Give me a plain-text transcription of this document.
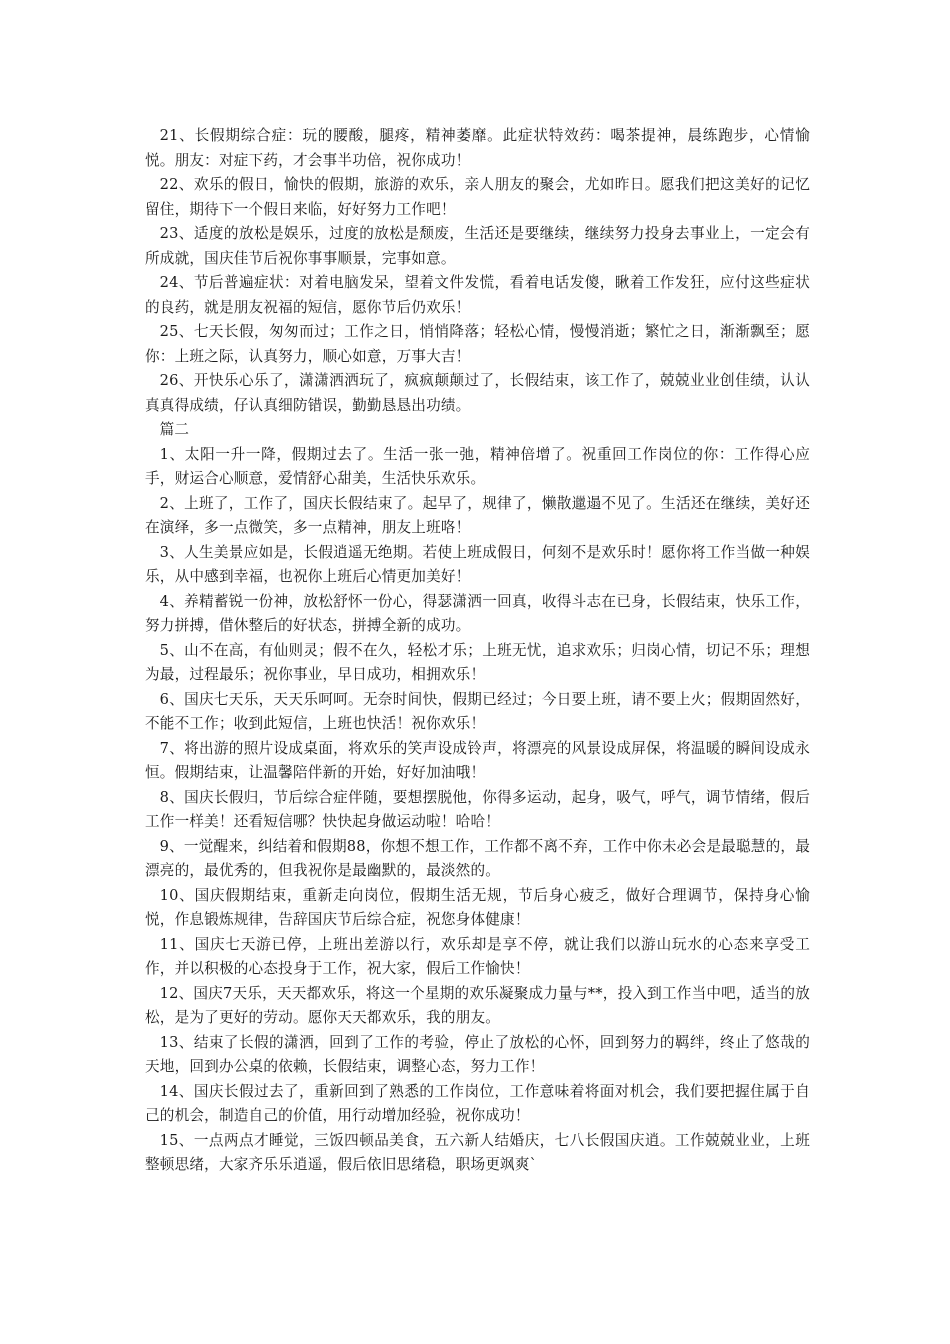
21、长假期综合症：玩的腰酸，腿疼，精神萎靡。此症状特效药：喝茶提神，晨练跑步，心情愉悦。朋友：对症下药，才会事半功倍，祝你成功！

22、欢乐的假日，愉快的假期，旅游的欢乐，亲人朋友的聚会，尤如昨日。愿我们把这美好的记忆留住，期待下一个假日来临，好好努力工作吧！

23、适度的放松是娱乐，过度的放松是颓废，生活还是要继续，继续努力投身去事业上，一定会有所成就，国庆佳节后祝你事事顺景，完事如意。

24、节后普遍症状：对着电脑发呆，望着文件发慌，看着电话发傻，瞅着工作发狂，应付这些症状的良药，就是朋友祝福的短信，愿你节后仍欢乐！

25、七天长假，匆匆而过；工作之日，悄悄降落；轻松心情，慢慢消逝；繁忙之日，渐渐飘至；愿你：上班之际，认真努力，顺心如意，万事大吉！

26、开快乐心乐了，潇潇洒洒玩了，疯疯颠颠过了，长假结束，该工作了，兢兢业业创佳绩，认认真真得成绩，仔认真细防错误，勤勤恳恳出功绩。

篇二

1、太阳一升一降，假期过去了。生活一张一弛，精神倍增了。祝重回工作岗位的你：工作得心应手，财运合心顺意，爱情舒心甜美，生活快乐欢乐。

2、上班了，工作了，国庆长假结束了。起早了，规律了，懒散邋遢不见了。生活还在继续，美好还在演绎，多一点微笑，多一点精神，朋友上班咯！

3、人生美景应如是，长假逍遥无绝期。若使上班成假日，何刻不是欢乐时！愿你将工作当做一种娱乐，从中感到幸福，也祝你上班后心情更加美好！

4、养精蓄锐一份神，放松舒怀一份心，得瑟潇洒一回真，收得斗志在已身，长假结束，快乐工作，努力拼搏，借休整后的好状态，拼搏全新的成功。

5、山不在高，有仙则灵；假不在久，轻松才乐；上班无忧，追求欢乐；归岗心情，切记不乐；理想为最，过程最乐；祝你事业，早日成功，相拥欢乐！

6、国庆七天乐，天天乐呵呵。无奈时间快，假期已经过；今日要上班，请不要上火；假期固然好，不能不工作；收到此短信，上班也快活！祝你欢乐！

7、将出游的照片设成桌面，将欢乐的笑声设成铃声，将漂亮的风景设成屏保，将温暖的瞬间设成永恒。假期结束，让温馨陪伴新的开始，好好加油哦！

8、国庆长假归，节后综合症伴随，要想摆脱他，你得多运动，起身，吸气，呼气，调节情绪，假后工作一样美！还看短信哪？快快起身做运动啦！哈哈！

9、一觉醒来，纠结着和假期88，你想不想工作，工作都不离不弃，工作中你未必会是最聪慧的，最漂亮的，最优秀的，但我祝你是最幽默的，最淡然的。

10、国庆假期结束，重新走向岗位，假期生活无规，节后身心疲乏，做好合理调节，保持身心愉悦，作息锻炼规律，告辞国庆节后综合症，祝您身体健康！

11、国庆七天游已停，上班出差游以行，欢乐却是享不停，就让我们以游山玩水的心态来享受工作，并以积极的心态投身于工作，祝大家，假后工作愉快！

12、国庆7天乐，天天都欢乐，将这一个星期的欢乐凝聚成力量与**，投入到工作当中吧，适当的放松，是为了更好的劳动。愿你天天都欢乐，我的朋友。

13、结束了长假的潇洒，回到了工作的考验，停止了放松的心怀，回到努力的羁绊，终止了悠哉的天地，回到办公桌的依赖，长假结束，调整心态，努力工作！

14、国庆长假过去了，重新回到了熟悉的工作岗位，工作意味着将面对机会，我们要把握住属于自己的机会，制造自己的价值，用行动增加经验，祝你成功！

15、一点两点才睡觉，三饭四顿品美食，五六新人结婚庆，七八长假国庆逍。工作兢兢业业，上班整顿思绪，大家齐乐乐逍遥，假后依旧思绪稳，职场更飒爽`
